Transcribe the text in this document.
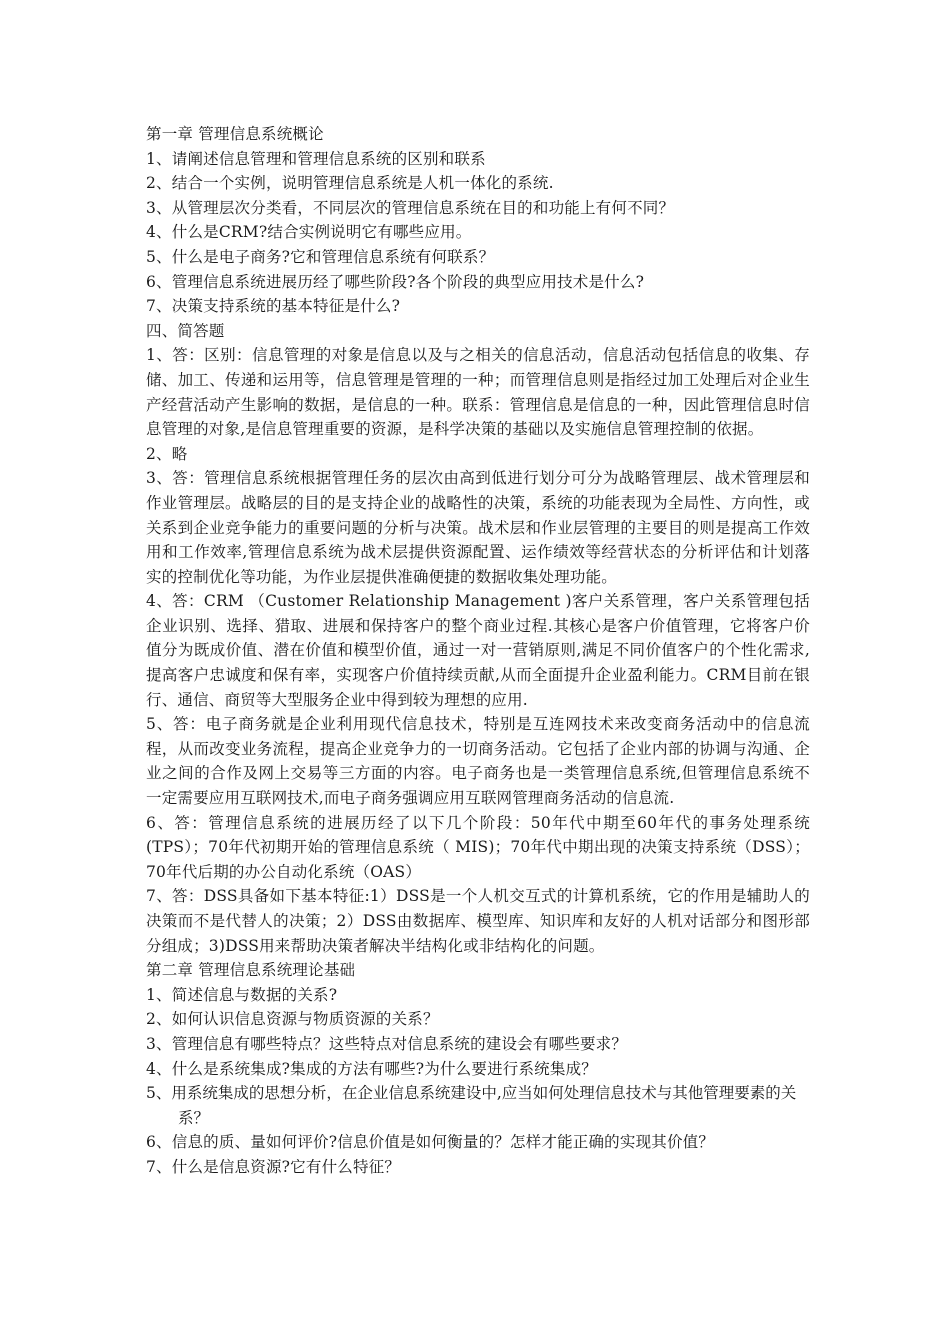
第一章 管理信息系统概论
1、请阐述信息管理和管理信息系统的区别和联系
2、结合一个实例，说明管理信息系统是人机一体化的系统.
3、从管理层次分类看，不同层次的管理信息系统在目的和功能上有何不同？
4、什么是CRM?结合实例说明它有哪些应用。
5、什么是电子商务?它和管理信息系统有何联系？
6、管理信息系统进展历经了哪些阶段?各个阶段的典型应用技术是什么?
7、决策支持系统的基本特征是什么?
四、简答题
1、答：区别：信息管理的对象是信息以及与之相关的信息活动，信息活动包括信息的收集、存储、加工、传递和运用等，信息管理是管理的一种；而管理信息则是指经过加工处理后对企业生产经营活动产生影响的数据，是信息的一种。联系：管理信息是信息的一种，因此管理信息时信息管理的对象,是信息管理重要的资源，是科学决策的基础以及实施信息管理控制的依据。
2、略
3、答：管理信息系统根据管理任务的层次由高到低进行划分可分为战略管理层、战术管理层和作业管理层。战略层的目的是支持企业的战略性的决策，系统的功能表现为全局性、方向性，或关系到企业竞争能力的重要问题的分析与决策。战术层和作业层管理的主要目的则是提高工作效用和工作效率,管理信息系统为战术层提供资源配置、运作绩效等经营状态的分析评估和计划落实的控制优化等功能，为作业层提供准确便捷的数据收集处理功能。
4、答：CRM （Customer Relationship Management )客户关系管理，客户关系管理包括企业识别、选择、猎取、进展和保持客户的整个商业过程.其核心是客户价值管理，它将客户价值分为既成价值、潜在价值和模型价值，通过一对一营销原则,满足不同价值客户的个性化需求,提高客户忠诚度和保有率，实现客户价值持续贡献,从而全面提升企业盈利能力。CRM目前在银行、通信、商贸等大型服务企业中得到较为理想的应用.
5、答：电子商务就是企业利用现代信息技术，特别是互连网技术来改变商务活动中的信息流程，从而改变业务流程，提高企业竞争力的一切商务活动。它包括了企业内部的协调与沟通、企业之间的合作及网上交易等三方面的内容。电子商务也是一类管理信息系统,但管理信息系统不一定需要应用互联网技术,而电子商务强调应用互联网管理商务活动的信息流.
6、答：管理信息系统的进展历经了以下几个阶段：50年代中期至60年代的事务处理系统(TPS）；70年代初期开始的管理信息系统（ MIS)；70年代中期出现的决策支持系统（DSS）；70年代后期的办公自动化系统（OAS）
7、答：DSS具备如下基本特征:1）DSS是一个人机交互式的计算机系统，它的作用是辅助人的决策而不是代替人的决策；2）DSS由数据库、模型库、知识库和友好的人机对话部分和图形部分组成；3)DSS用来帮助决策者解决半结构化或非结构化的问题。
第二章 管理信息系统理论基础
1、简述信息与数据的关系?
2、如何认识信息资源与物质资源的关系？
3、管理信息有哪些特点？这些特点对信息系统的建设会有哪些要求？
4、什么是系统集成?集成的方法有哪些?为什么要进行系统集成？
5、用系统集成的思想分析，在企业信息系统建设中,应当如何处理信息技术与其他管理要素的关系？
6、信息的质、量如何评价?信息价值是如何衡量的？怎样才能正确的实现其价值？
7、什么是信息资源?它有什么特征？
